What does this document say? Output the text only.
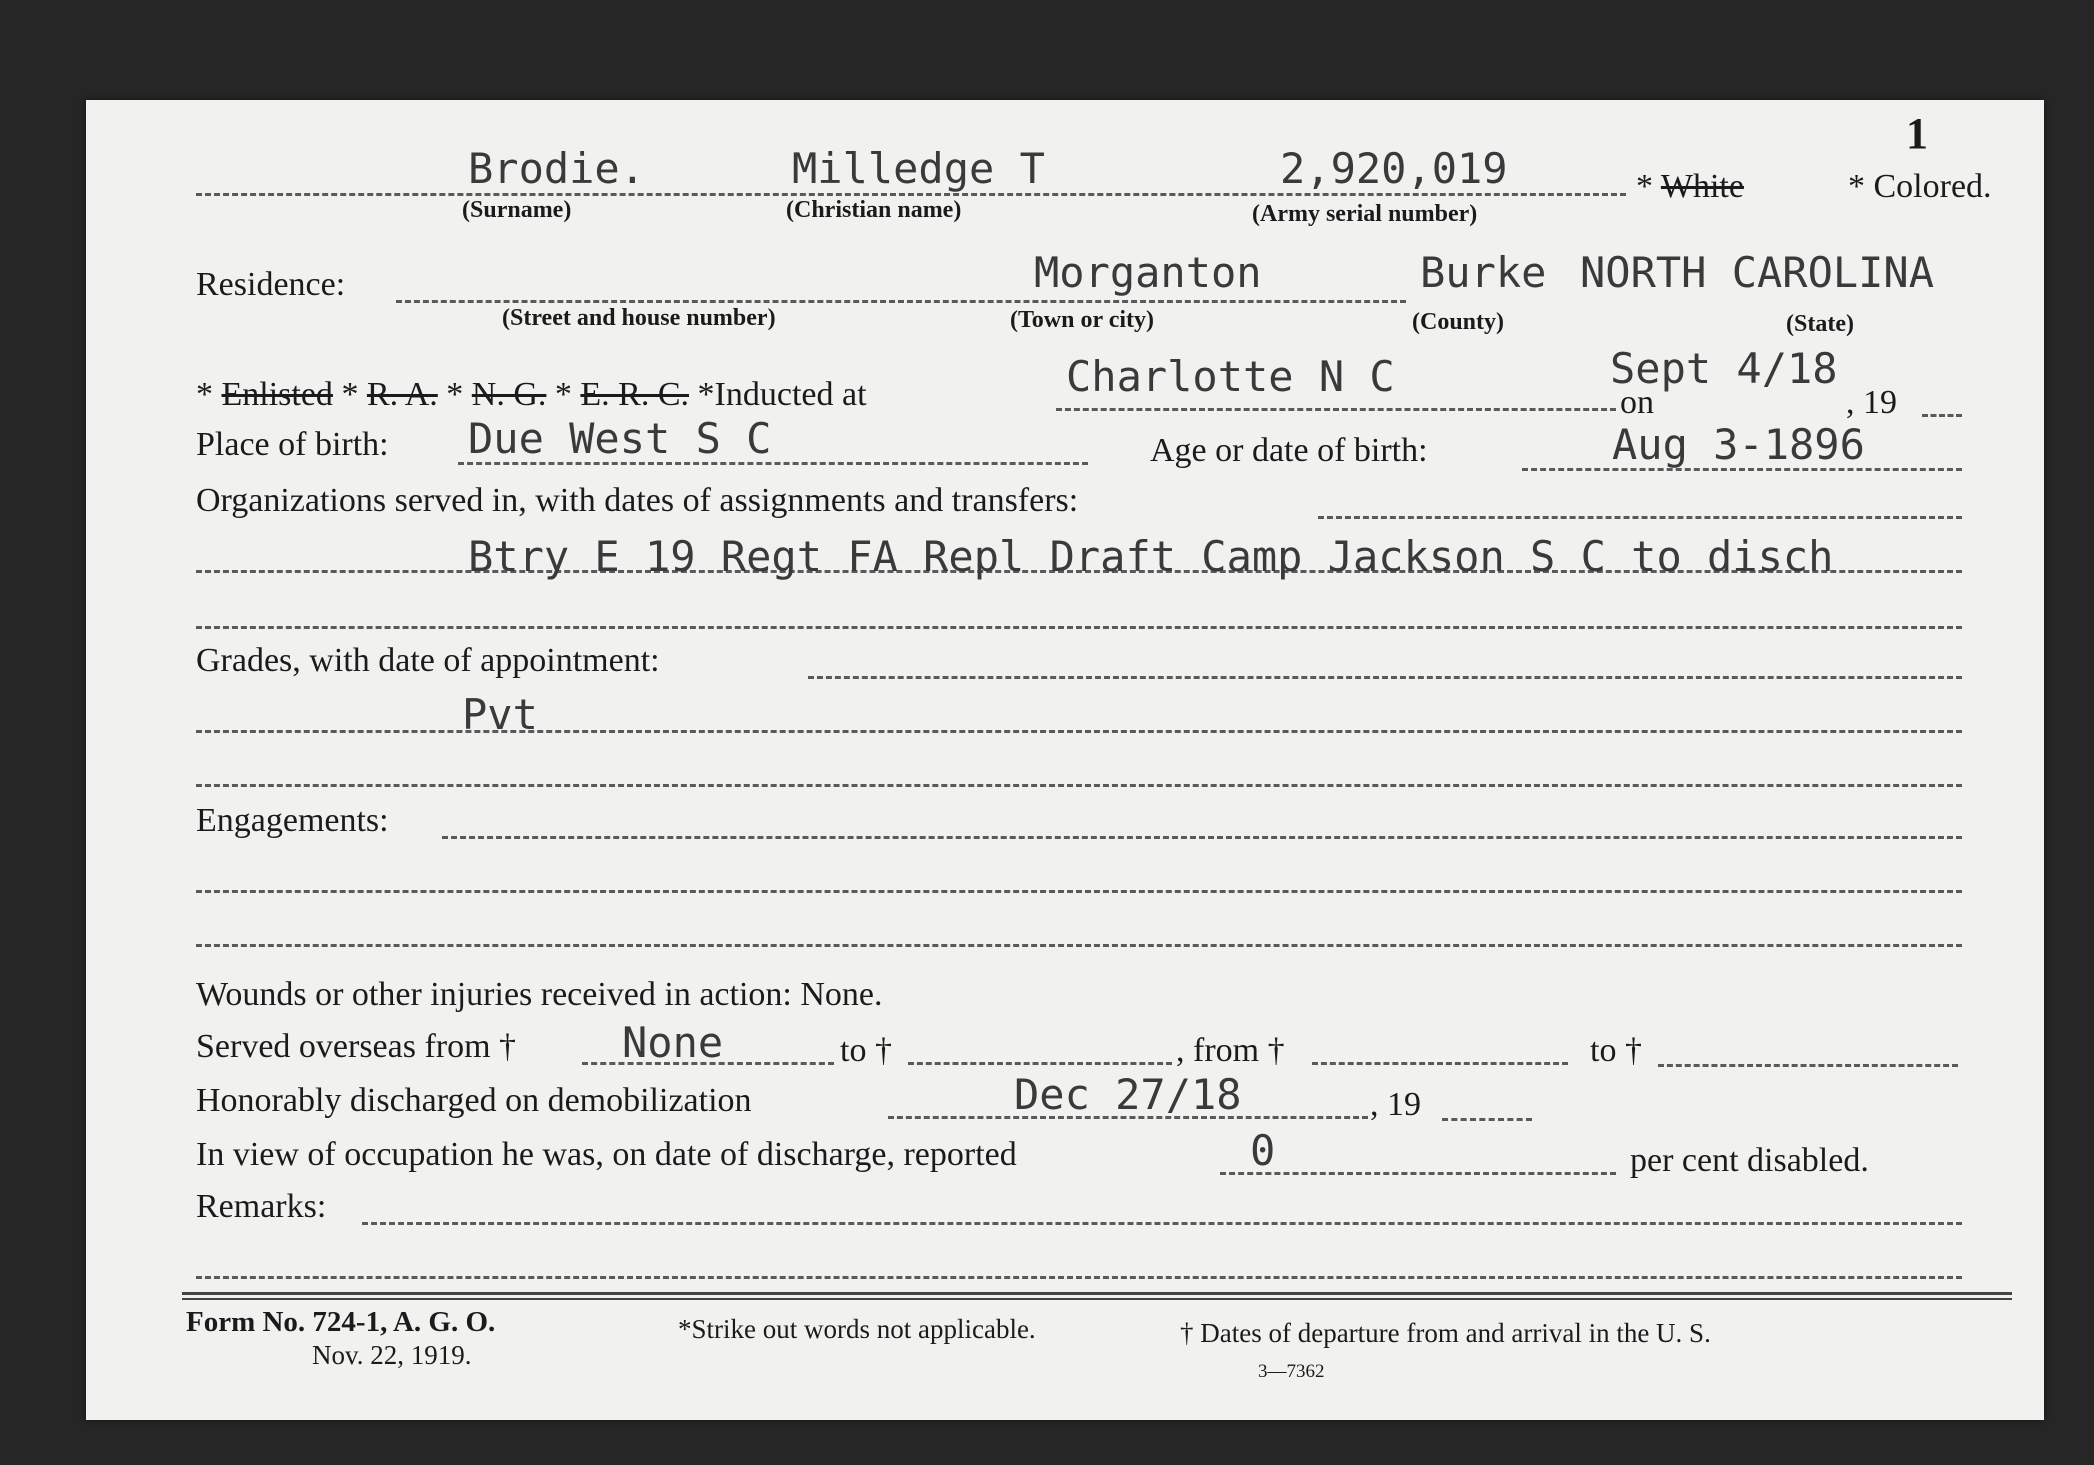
1
Brodie.	Milledge T	2,920,019	* White	* Colored.
(Surname)	(Christian name)	(Army serial number)
Residence:	Morganton	Burke NORTH CAROLINA
(Street and house number)	(Town or city)	(County)	(State)
* Enlisted * R. A. * N. G. * E. R. C. *Inducted at	Charlotte N C
on
Sept 4/18
, 19
Place of birth: Due West S C	Age or date of birth:	Aug 3-1896
Organizations served in, with dates of assignments and transfers:
Btry E 19 Regt FA Repl Draft Camp Jackson S C to disch
Grades, with date of appointment:
Pvt
Engagements:
Wounds or other injuries received in action: None.
Served overseas from †	None	to †	, from †	to †
Honorably discharged on demobilization	Dec 27/18	, 19
In view of occupation he was, on date of discharge, reported	0	per cent disabled.
Remarks:
Form No. 724-1, A. G. O.
Nov. 22, 1919.
*Strike out words not applicable.	† Dates of departure from and arrival in the U. S.
3—7362
